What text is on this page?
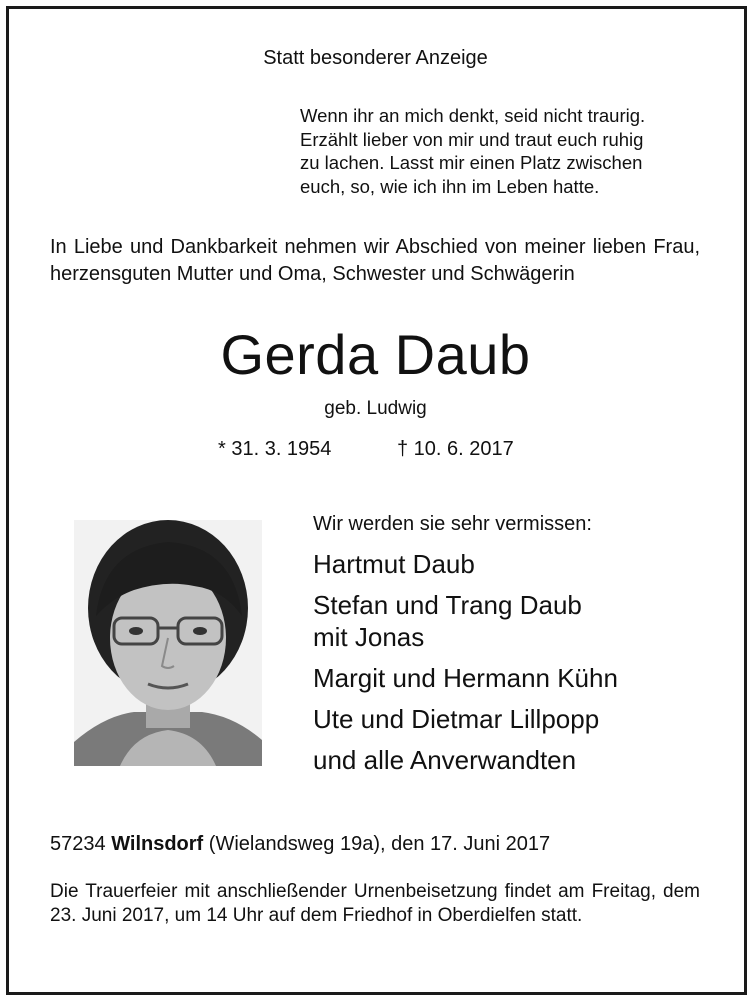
Statt besonderer Anzeige
Wenn ihr an mich denkt, seid nicht traurig.
Erzählt lieber von mir und traut euch ruhig
zu lachen. Lasst mir einen Platz zwischen
euch, so, wie ich ihn im Leben hatte.
In Liebe und Dankbarkeit nehmen wir Abschied von meiner lieben Frau, herzensguten Mutter und Oma, Schwester und Schwägerin
Gerda Daub
geb. Ludwig
* 31. 3. 1954	† 10. 6. 2017
Wir werden sie sehr vermissen:
Hartmut Daub
Stefan und Trang Daub
mit Jonas
Margit und Hermann Kühn
Ute und Dietmar Lillpopp
und alle Anverwandten
57234 Wilnsdorf (Wielandsweg 19a), den 17. Juni 2017
Die Trauerfeier mit anschließender Urnenbeisetzung findet am Freitag, dem 23. Juni 2017, um 14 Uhr auf dem Friedhof in Oberdielfen statt.
